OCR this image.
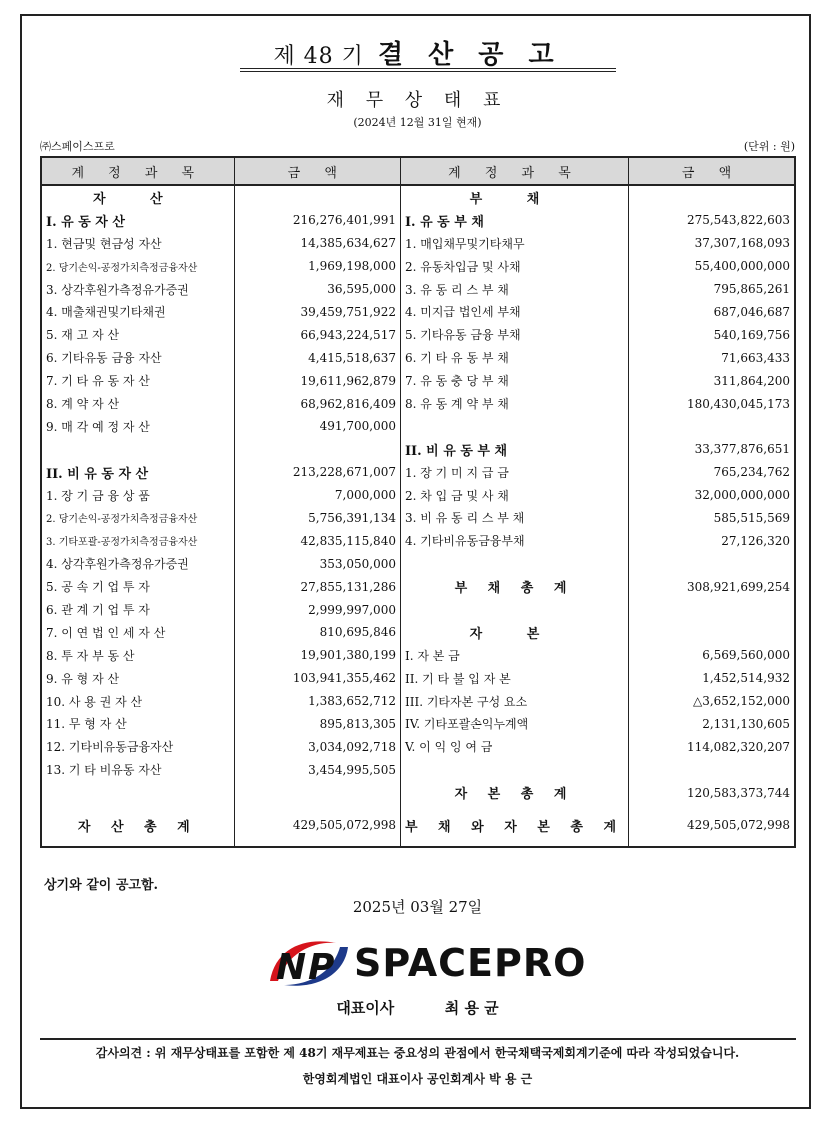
제 48 기 결 산 공 고
재 무 상 태 표
(2024년 12월 31일 현재)
㈜스페이스프로	(단위 : 원)
계 정 과 목	금 액	계 정 과 목	금 액
자 산		부 채	
I. 유 동 자 산	216,276,401,991	I. 유 동 부 채	275,543,822,603
1. 현금및 현금성 자산	14,385,634,627	1. 매입채무및기타채무	37,307,168,093
2. 당기손익-공정가치측정금융자산	1,969,198,000	2. 유동차입금 및 사채	55,400,000,000
3. 상각후원가측정유가증권	36,595,000	3. 유 동 리 스 부 채	795,865,261
4. 매출채권및기타채권	39,459,751,922	4. 미지급 법인세 부채	687,046,687
5. 재 고 자 산	66,943,224,517	5. 기타유동 금융 부채	540,169,756
6. 기타유동 금융 자산	4,415,518,637	6. 기 타 유 동 부 채	71,663,433
7. 기 타 유 동 자 산	19,611,962,879	7. 유 동 충 당 부 채	311,864,200
8. 계 약 자 산	68,962,816,409	8. 유 동 계 약 부 채	180,430,045,173
9. 매 각 예 정 자 산	491,700,000		
		II. 비 유 동 부 채	33,377,876,651
II. 비 유 동 자 산	213,228,671,007	1. 장 기 미 지 급 금	765,234,762
1. 장 기 금 융 상 품	7,000,000	2. 차 입 금 및 사 채	32,000,000,000
2. 당기손익-공정가치측정금융자산	5,756,391,134	3. 비 유 동 리 스 부 채	585,515,569
3. 기타포괄-공정가치측정금융자산	42,835,115,840	4. 기타비유동금융부채	27,126,320
4. 상각후원가측정유가증권	353,050,000		
5. 공 속 기 업 투 자	27,855,131,286	부 채 총 계	308,921,699,254
6. 관 계 기 업 투 자	2,999,997,000		
7. 이 연 법 인 세 자 산	810,695,846	자 본	
8. 투 자 부 동 산	19,901,380,199	I. 자 본 금	6,569,560,000
9. 유 형 자 산	103,941,355,462	II. 기 타 불 입 자 본	1,452,514,932
10. 사 용 권 자 산	1,383,652,712	III. 기타자본 구성 요소	△3,652,152,000
11. 무 형 자 산	895,813,305	IV. 기타포괄손익누계액	2,131,130,605
12. 기타비유동금융자산	3,034,092,718	V. 이 익 잉 여 금	114,082,320,207
13. 기 타 비유동 자산	3,454,995,505		
		자 본 총 계	120,583,373,744
자 산 총 계	429,505,072,998	부 채 와 자 본 총 계	429,505,072,998
상기와 같이 공고함.
2025년 03월 27일
N P SPACEPRO
대표이사	최 용 균
감사의견 : 위 재무상태표를 포함한 제 48기 재무제표는 중요성의 관점에서 한국채택국제회계기준에 따라 작성되었습니다.
한영회계법인 대표이사 공인회계사 박 용 근
